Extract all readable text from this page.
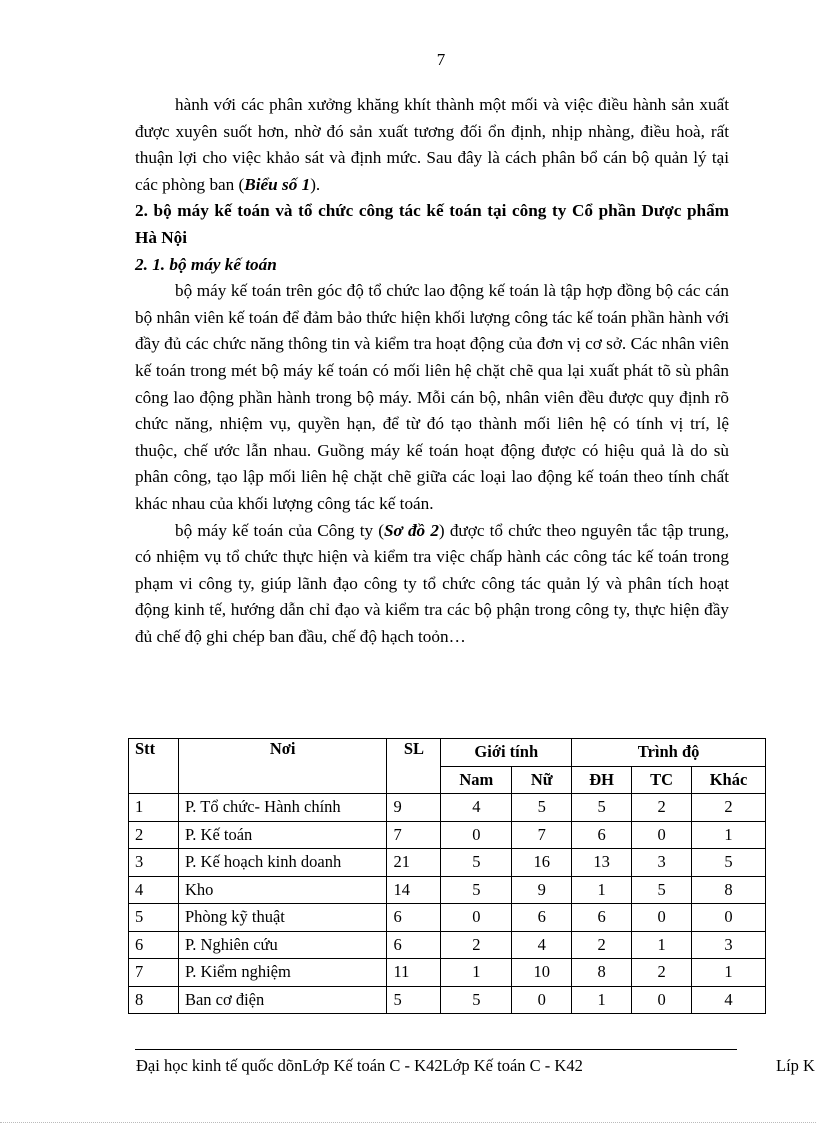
7

hành với các phân xưởng khăng khít thành một mối và việc điều hành sản xuất được xuyên suốt hơn, nhờ đó sản xuất tương đối ổn định, nhịp nhàng, điều hoà, rất thuận lợi cho việc khảo sát và định mức. Sau đây là cách phân bổ cán bộ quản lý tại các phòng ban (Biểu số 1).

2. bộ máy kế toán và tổ chức công tác kế toán tại công ty Cổ phần Dược phẩm Hà Nội

2. 1. bộ máy kế toán

bộ máy kế toán trên góc độ tổ chức lao động kế toán là tập hợp đồng bộ các cán bộ nhân viên kế toán để đảm bảo thức hiện khối lượng công tác kế toán phần hành với đầy đủ các chức năng thông tin và kiểm tra hoạt động của đơn vị cơ sở. Các nhân viên kế toán trong mét bộ máy kế toán có mối liên hệ chặt chẽ qua lại xuất phát tõ sù phân công lao động phần hành trong bộ máy. Mỗi cán bộ, nhân viên đều được quy định rõ chức năng, nhiệm vụ, quyền hạn, để từ đó tạo thành mối liên hệ có tính vị trí, lệ thuộc, chế ước lẫn nhau. Guồng máy kế toán hoạt động được có hiệu quả là do sù phân công, tạo lập mối liên hệ chặt chẽ giữa các loại lao động kế toán theo tính chất khác nhau của khối lượng công tác kế toán.

bộ máy kế toán của Công ty (Sơ đồ 2) được tổ chức theo nguyên tắc tập trung, có nhiệm vụ tổ chức thực hiện và kiểm tra việc chấp hành các công tác kế toán trong phạm vi công ty, giúp lãnh đạo công ty tổ chức công tác quản lý và phân tích hoạt động kinh tế, hướng dẫn chỉ đạo và kiểm tra các bộ phận trong công ty, thực hiện đầy đủ chế độ ghi chép ban đầu, chế độ hạch toỏn…

Stt	Nơi	SL	Giới tính		Trình độ		
			Nam	Nữ	ĐH	TC	Khác
1	P. Tổ chức- Hành chính	9	4	5	5	2	2
2	P. Kế toán	7	0	7	6	0	1
3	P. Kế hoạch kinh doanh	21	5	16	13	3	5
4	Kho	14	5	9	1	5	8
5	Phòng kỹ thuật	6	0	6	6	0	0
6	P. Nghiên cứu	6	2	4	2	1	3
7	P. Kiểm nghiệm	11	1	10	8	2	1
8	Ban cơ điện	5	5	0	1	0	4
Đại học kinh tế quốc dõnLớp Kế toán C - K42Lớp Kế toán C - K42	Líp K
